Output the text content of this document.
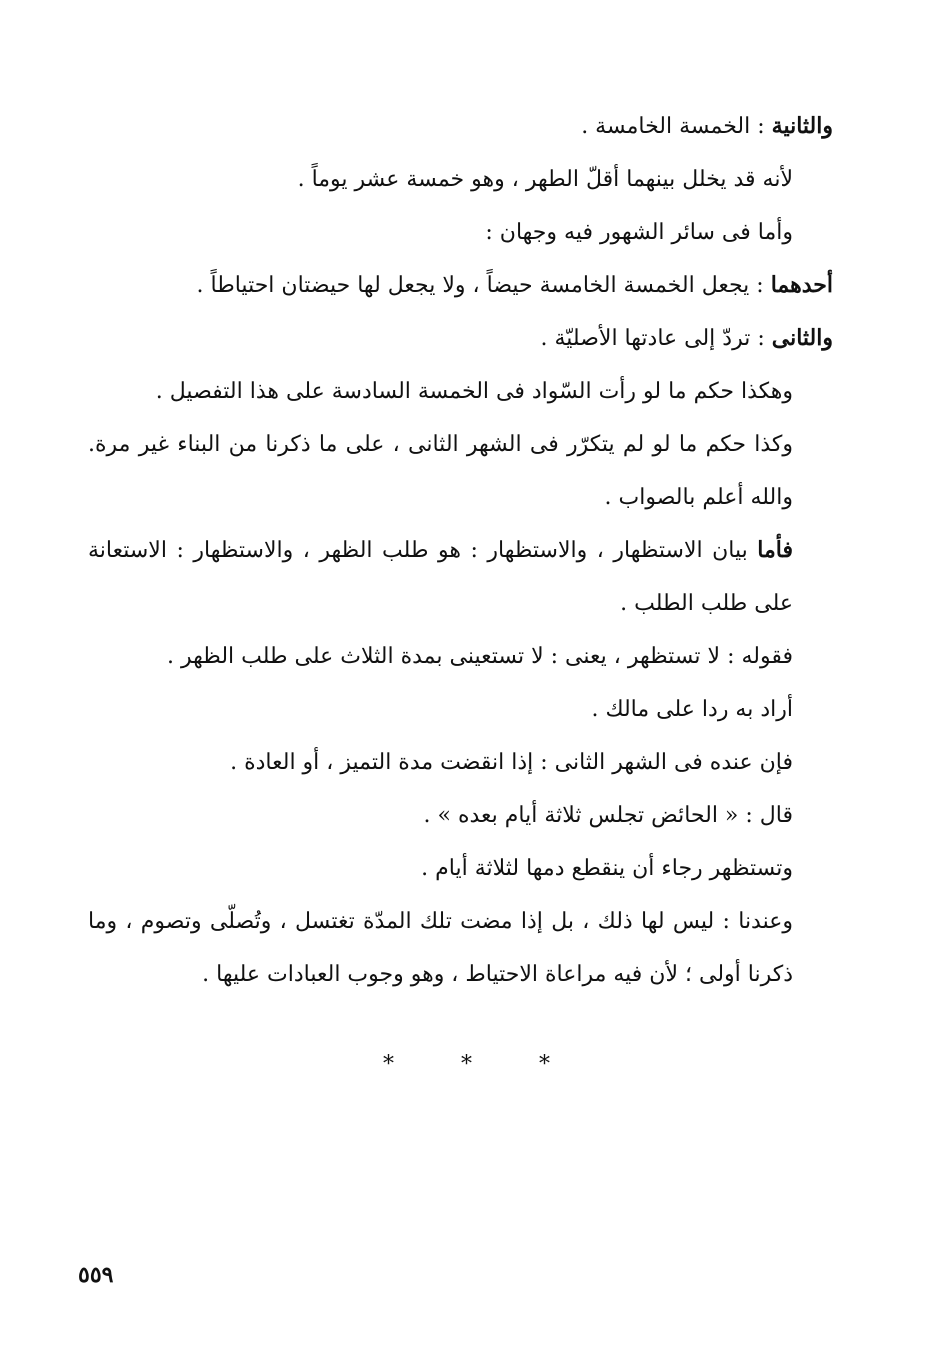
والثانية : الخمسة الخامسة .

لأنه قد يخلل بينهما أقلّ الطهر ، وهو خمسة عشر يوماً .

وأما فى سائر الشهور فيه وجهان :

أحدهما : يجعل الخمسة الخامسة حيضاً ، ولا يجعل لها حيضتان احتياطاً .

والثانى : تردّ إلى عادتها الأصليّة .

وهكذا حكم ما لو رأت السّواد فى الخمسة السادسة على هذا التفصيل .

وكذا حكم ما لو لم يتكرّر فى الشهر الثانى ، على ما ذكرنا من البناء غير مرة. والله أعلم بالصواب .

فأما بيان الاستظهار ، والاستظهار : هو طلب الظهر ، والاستظهار : الاستعانة على طلب الطلب .

فقوله : لا تستظهر ، يعنى : لا تستعينى بمدة الثلاث على طلب الظهر .

أراد به ردا على مالك .

فإن عنده فى الشهر الثانى : إذا انقضت مدة التميز ، أو العادة .

قال : « الحائض تجلس ثلاثة أيام بعده » .

وتستظهر رجاء أن ينقطع دمها لثلاثة أيام .

وعندنا : ليس لها ذلك ، بل إذا مضت تلك المدّة تغتسل ، وتُصلّى وتصوم ، وما ذكرنا أولى ؛ لأن فيه مراعاة الاحتياط ، وهو وجوب العبادات عليها .

*	*	*
٥٥٩
